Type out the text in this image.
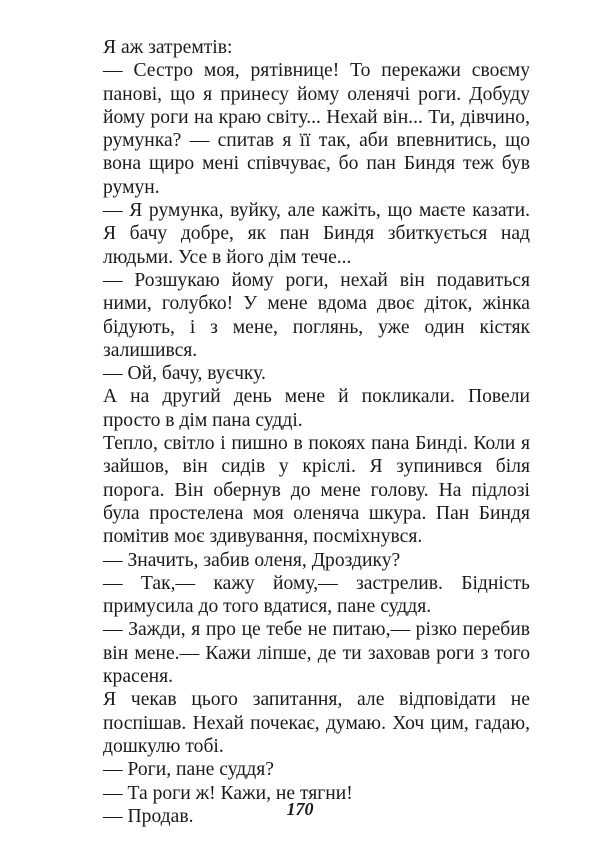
Я аж затремтів:

— Сестро моя, рятівнице! То перекажи своєму панові, що я принесу йому оленячі роги. Добуду йому роги на краю світу... Нехай він... Ти, дівчино, румунка? — спитав я її так, аби впевнитись, що вона щиро мені співчуває, бо пан Биндя теж був румун.

— Я румунка, вуйку, але кажіть, що маєте казати. Я бачу добре, як пан Биндя збиткується над людьми. Усе в його дім тече...

— Розшукаю йому роги, нехай він подавиться ними, голубко! У мене вдома двоє діток, жінка бідують, і з мене, поглянь, уже один кістяк залишився.

— Ой, бачу, вуєчку.

А на другий день мене й покликали. Повели просто в дім пана судді.

Тепло, світло і пишно в покоях пана Бинді. Коли я зайшов, він сидів у кріслі. Я зупинився біля порога. Він обернув до мене голову. На підлозі була простелена моя оленяча шкура. Пан Биндя помітив моє здивування, посміхнувся.

— Значить, забив оленя, Дроздику?

— Так,— кажу йому,— застрелив. Бідність примусила до того вдатися, пане суддя.

— Зажди, я про це тебе не питаю,— різко перебив він мене.— Кажи ліпше, де ти заховав роги з того красеня.

Я чекав цього запитання, але відповідати не поспішав. Нехай почекає, думаю. Хоч цим, гадаю, дошкулю тобі.

— Роги, пане суддя?

— Та роги ж! Кажи, не тягни!

— Продав.	170
